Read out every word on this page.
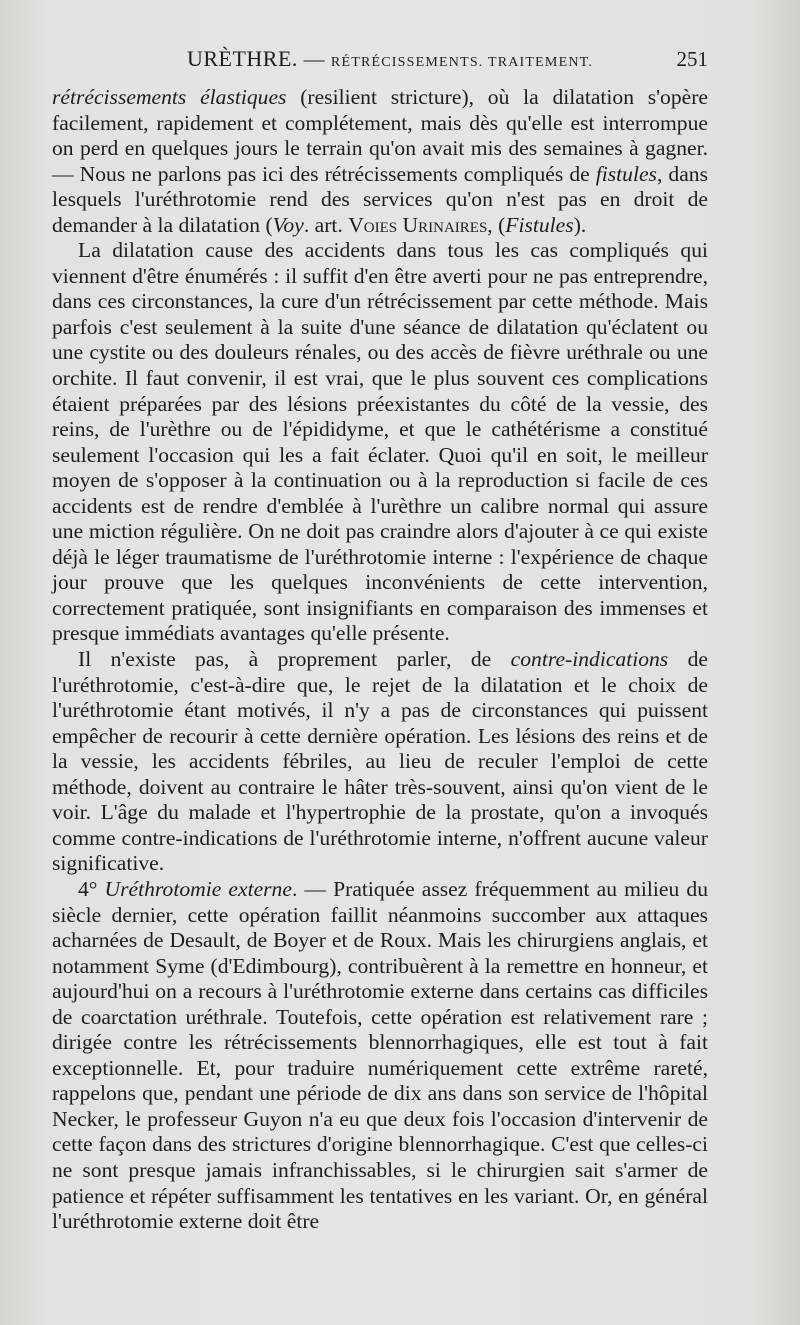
URÈTHRE. — RÉTRÉCISSEMENTS. TRAITEMENT.	251

rétrécissements élastiques (resilient stricture), où la dilatation s'opère facilement, rapidement et complétement, mais dès qu'elle est interrompue on perd en quelques jours le terrain qu'on avait mis des semaines à gagner. — Nous ne parlons pas ici des rétrécissements compliqués de fistules, dans lesquels l'uréthrotomie rend des services qu'on n'est pas en droit de demander à la dilatation (Voy. art. Voies Urinaires, (Fistules).

La dilatation cause des accidents dans tous les cas compliqués qui viennent d'être énumérés : il suffit d'en être averti pour ne pas entreprendre, dans ces circonstances, la cure d'un rétrécissement par cette méthode. Mais parfois c'est seulement à la suite d'une séance de dilatation qu'éclatent ou une cystite ou des douleurs rénales, ou des accès de fièvre uréthrale ou une orchite. Il faut convenir, il est vrai, que le plus souvent ces complications étaient préparées par des lésions préexistantes du côté de la vessie, des reins, de l'urèthre ou de l'épididyme, et que le cathétérisme a constitué seulement l'occasion qui les a fait éclater. Quoi qu'il en soit, le meilleur moyen de s'opposer à la continuation ou à la reproduction si facile de ces accidents est de rendre d'emblée à l'urèthre un calibre normal qui assure une miction régulière. On ne doit pas craindre alors d'ajouter à ce qui existe déjà le léger traumatisme de l'uréthrotomie interne : l'expérience de chaque jour prouve que les quelques inconvénients de cette intervention, correctement pratiquée, sont insignifiants en comparaison des immenses et presque immédiats avantages qu'elle présente.

Il n'existe pas, à proprement parler, de contre-indications de l'uréthrotomie, c'est-à-dire que, le rejet de la dilatation et le choix de l'uréthrotomie étant motivés, il n'y a pas de circonstances qui puissent empêcher de recourir à cette dernière opération. Les lésions des reins et de la vessie, les accidents fébriles, au lieu de reculer l'emploi de cette méthode, doivent au contraire le hâter très-souvent, ainsi qu'on vient de le voir. L'âge du malade et l'hypertrophie de la prostate, qu'on a invoqués comme contre-indications de l'uréthrotomie interne, n'offrent aucune valeur significative.

4° Uréthrotomie externe. — Pratiquée assez fréquemment au milieu du siècle dernier, cette opération faillit néanmoins succomber aux attaques acharnées de Desault, de Boyer et de Roux. Mais les chirurgiens anglais, et notamment Syme (d'Edimbourg), contribuèrent à la remettre en honneur, et aujourd'hui on a recours à l'uréthrotomie externe dans certains cas difficiles de coarctation uréthrale. Toutefois, cette opération est relativement rare ; dirigée contre les rétrécissements blennorrhagiques, elle est tout à fait exceptionnelle. Et, pour traduire numériquement cette extrême rareté, rappelons que, pendant une période de dix ans dans son service de l'hôpital Necker, le professeur Guyon n'a eu que deux fois l'occasion d'intervenir de cette façon dans des strictures d'origine blennorrhagique. C'est que celles-ci ne sont presque jamais infranchissables, si le chirurgien sait s'armer de patience et répéter suffisamment les tentatives en les variant. Or, en général l'uréthrotomie externe doit être
